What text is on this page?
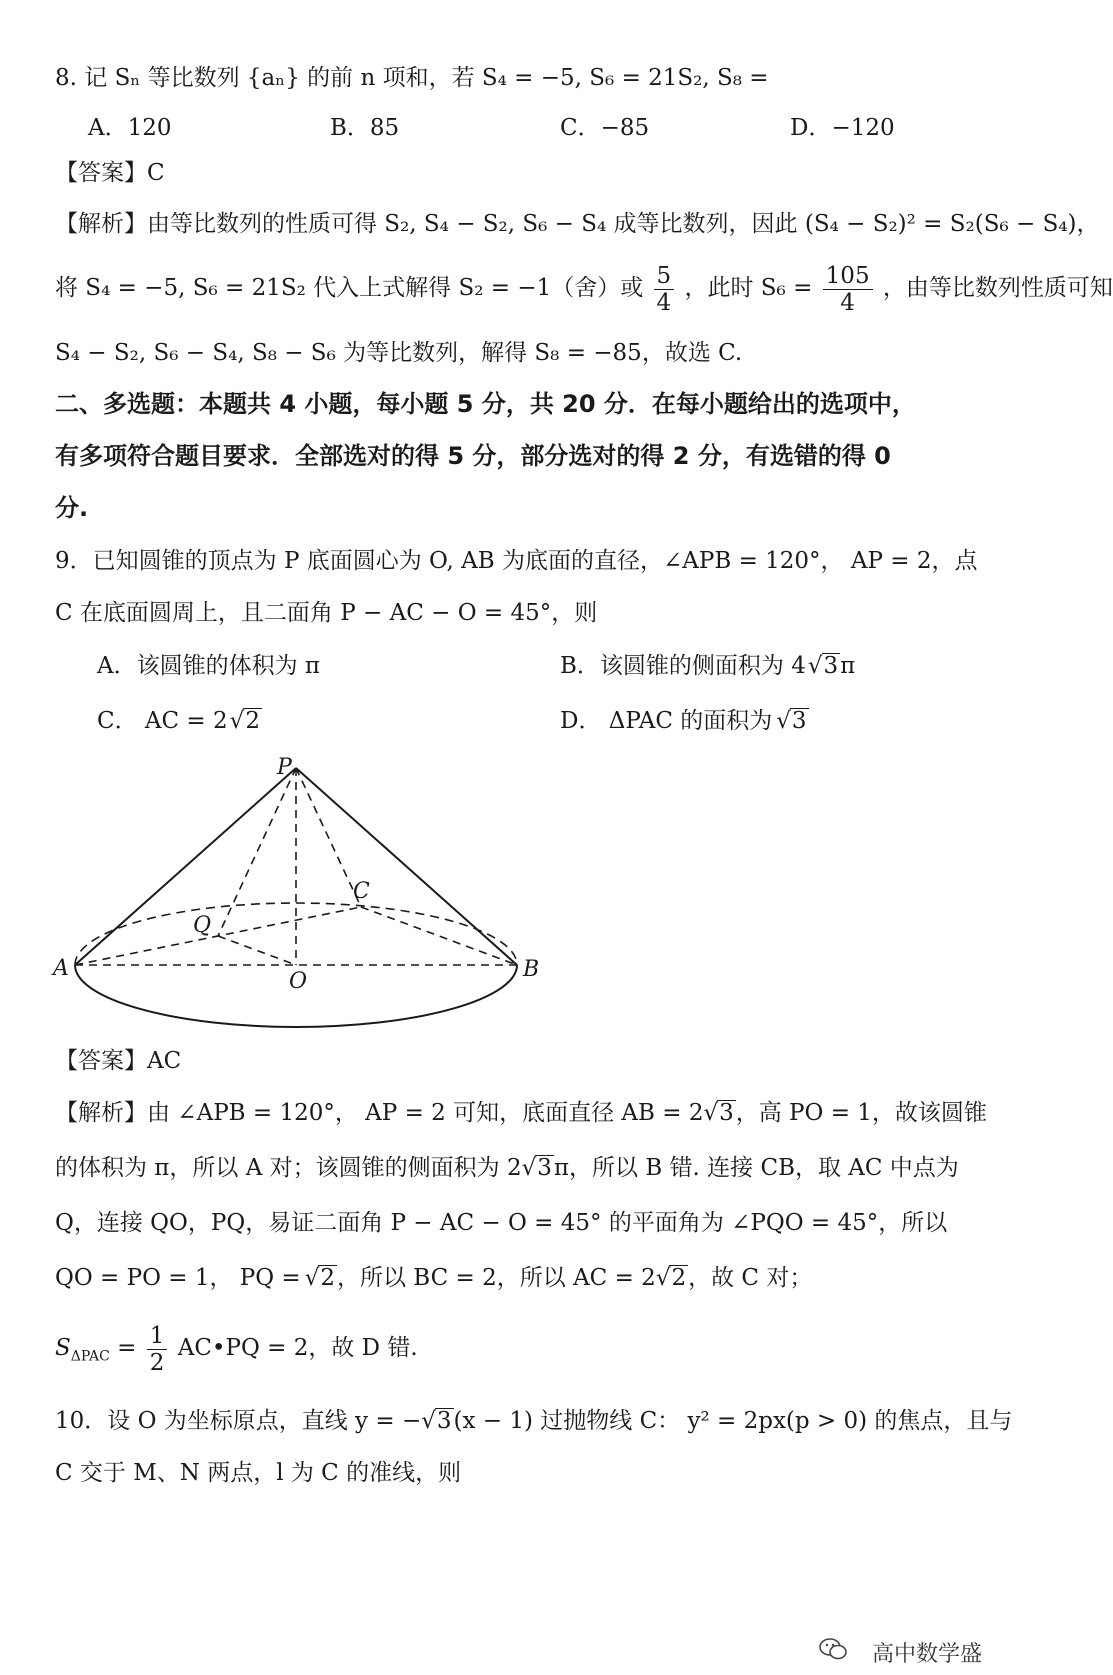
8. 记 Sₙ 等比数列 {aₙ} 的前 n 项和，若 S₄ = −5, S₆ = 21S₂, S₈ =
A．120	B．85	C．−85	D．−120
【答案】C
【解析】由等比数列的性质可得 S₂, S₄ − S₂, S₆ − S₄ 成等比数列，因此 (S₄ − S₂)² = S₂(S₆ − S₄)，
将 S₄ = −5, S₆ = 21S₂ 代入上式解得 S₂ = −1（舍）或 $\frac{5}{4}$ ，此时 $S_6 = \frac{105}{4}$ ，由等比数列性质可知
S₄ − S₂, S₆ − S₄, S₈ − S₆ 为等比数列，解得 S₈ = −85，故选 C.
二、多选题：本题共 4 小题，每小题 5 分，共 20 分．在每小题给出的选项中，
有多项符合题目要求．全部选对的得 5 分，部分选对的得 2 分，有选错的得 0
分.
9．已知圆锥的顶点为 P 底面圆心为 O, AB 为底面的直径，∠APB = 120°， AP = 2，点
C 在底面圆周上，且二面角 P − AC − O = 45°，则
A．该圆锥的体积为 π	B．该圆锥的侧面积为 4√3π
C． AC = 2√2	D． ΔPAC 的面积为 √3
P
C
Q
A
O	B
【答案】AC
【解析】由 ∠APB = 120°， AP = 2 可知，底面直径 AB = 2√3，高 PO = 1，故该圆锥
的体积为 π，所以 A 对；该圆锥的侧面积为 2√3π，所以 B 错. 连接 CB，取 AC 中点为
Q，连接 QO，PQ，易证二面角 P − AC − O = 45° 的平面角为 ∠PQO = 45°，所以
QO = PO = 1， PQ = √2，所以 BC = 2，所以 AC = 2√2，故 C 对；
$S_{\Delta PAC} = \frac{1}{2}$ AC•PQ = 2，故 D 错.
10．设 O 为坐标原点，直线 y = −√3(x − 1) 过抛物线 C： y² = 2px(p > 0) 的焦点，且与
C 交于 M、N 两点，l 为 C 的准线，则
高中数学盛
